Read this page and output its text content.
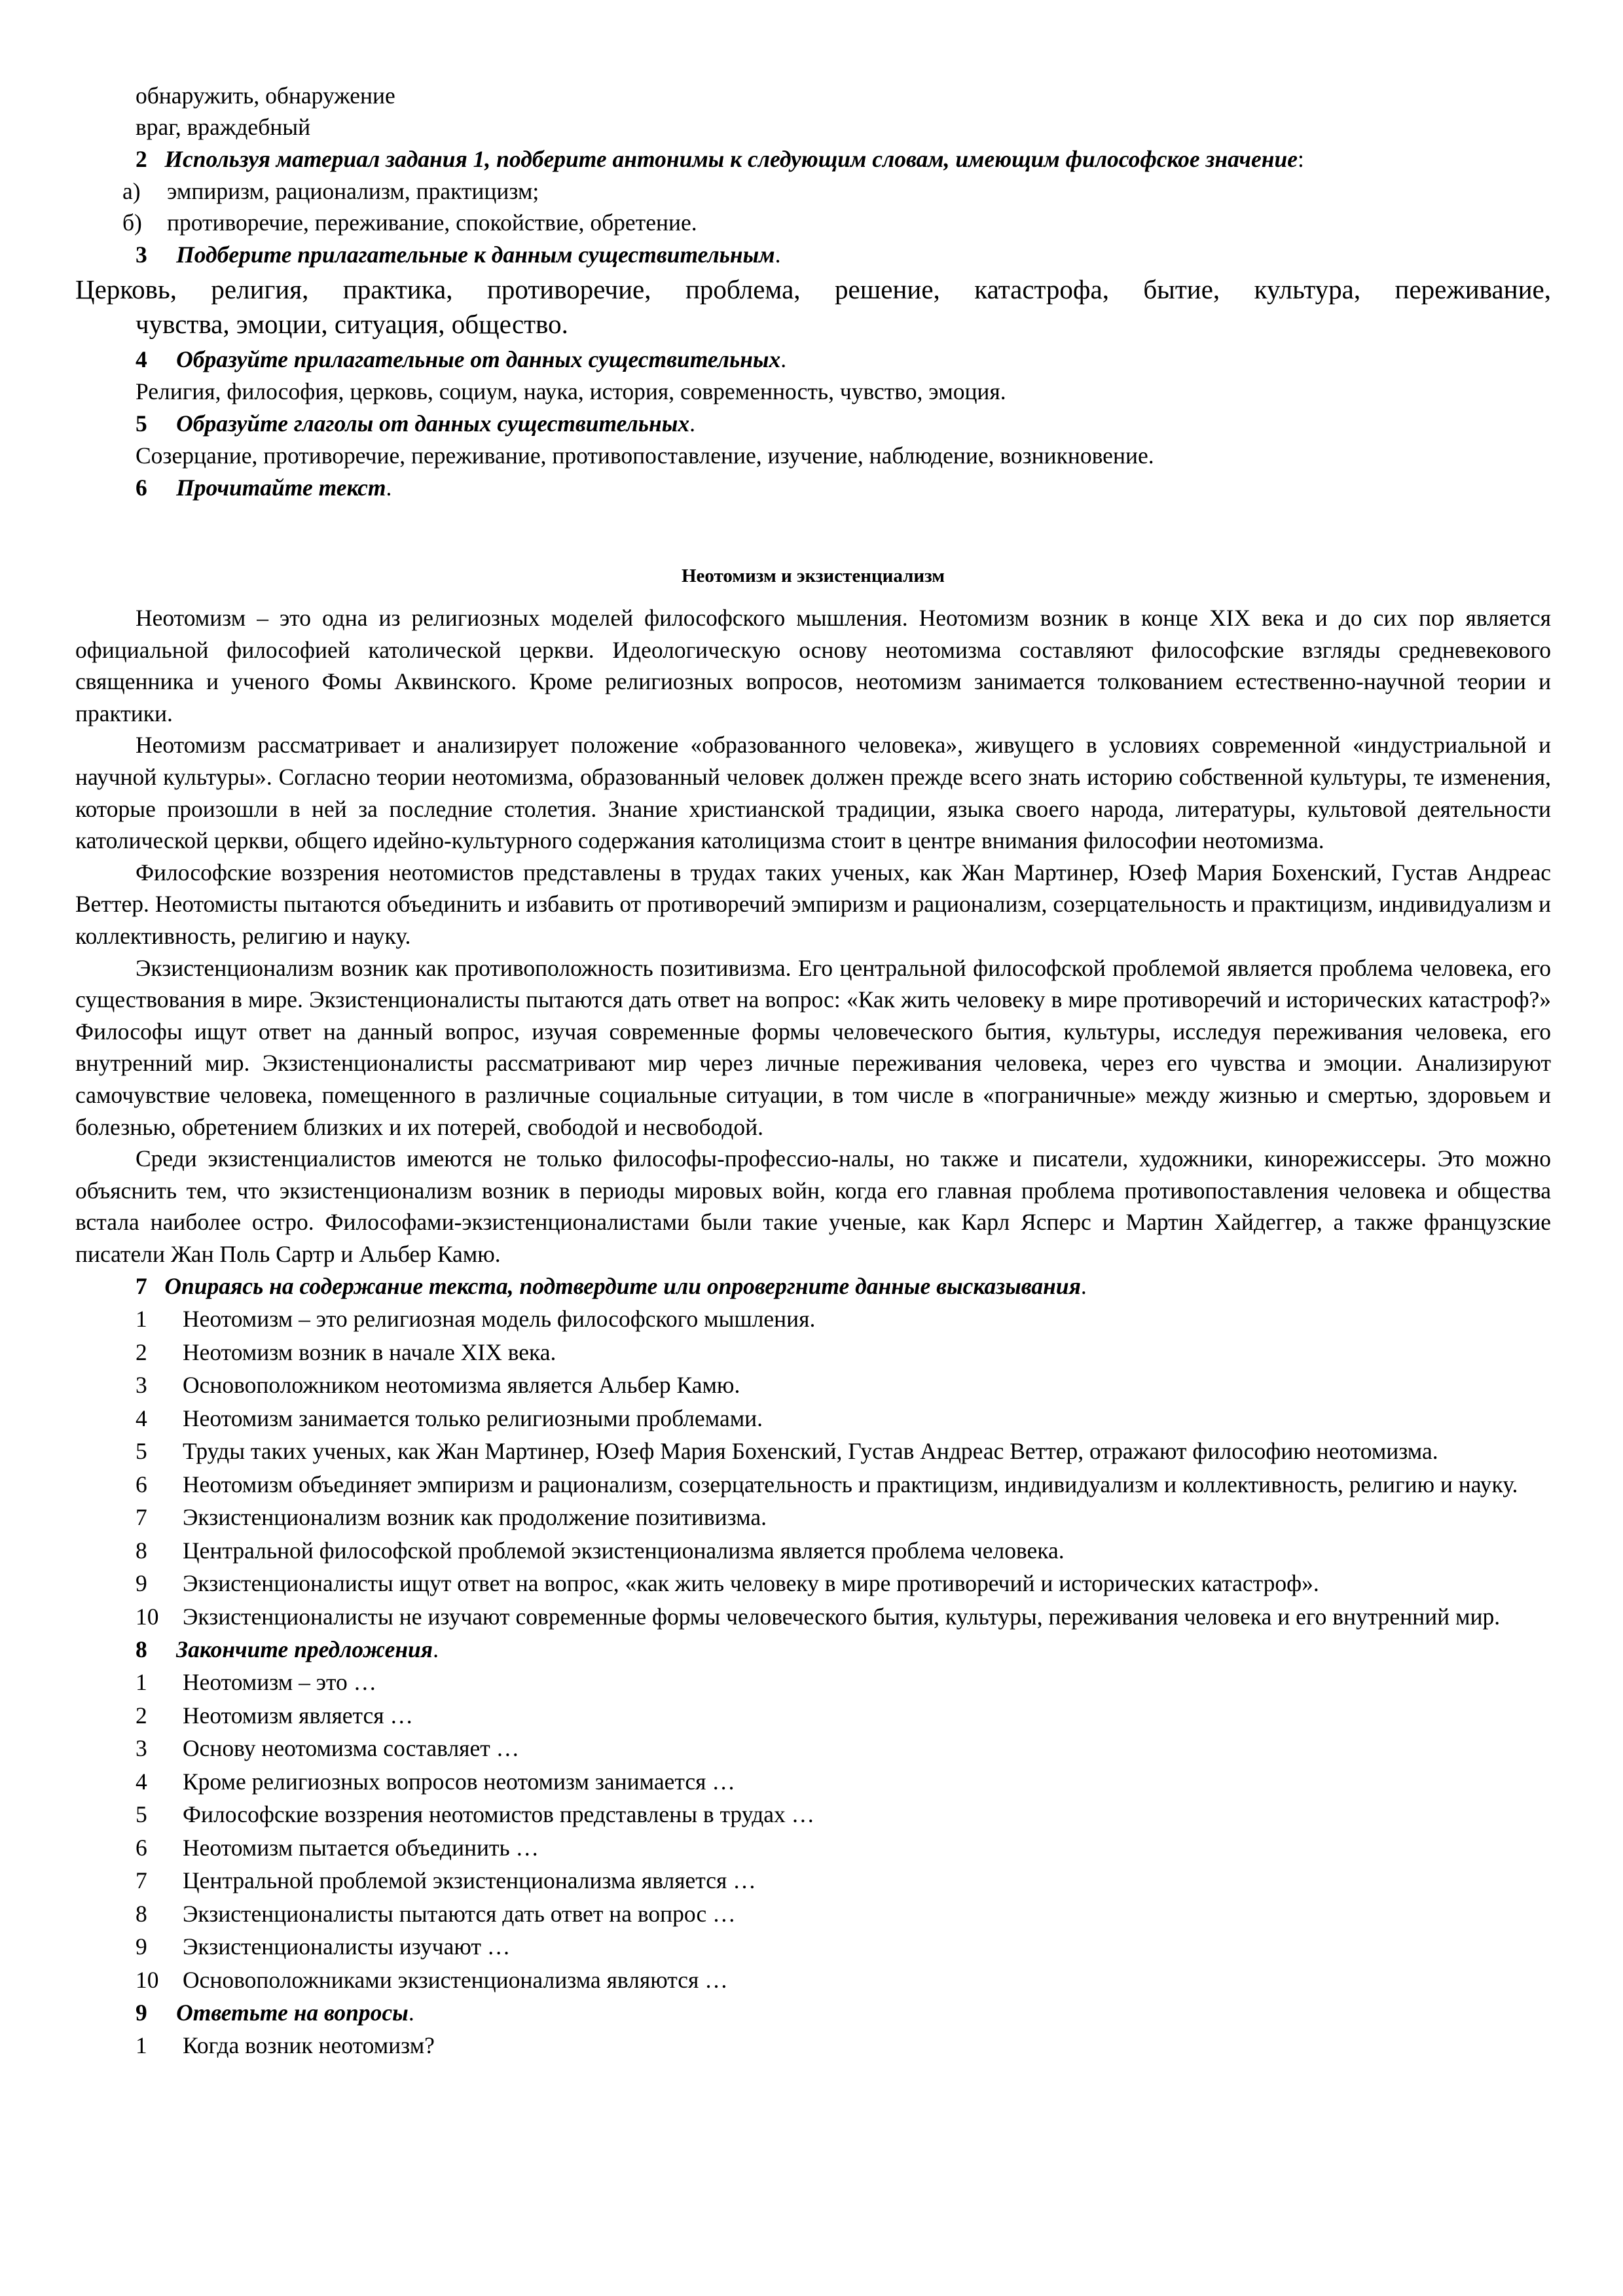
обнаружить, обнаружение

враг, враждебный

2 Используя материал задания 1, подберите антонимы к следующим словам, имеющим философское значение:

а) эмпиризм, рационализм, практицизм;

б) противоречие, переживание, спокойствие, обретение.

3 Подберите прилагательные к данным существительным.

Церковь, религия, практика, противоречие, проблема, решение, катастрофа, бытие, культура, переживание,
чувства, эмоции, ситуация, общество.

4 Образуйте прилагательные от данных существительных.

Религия, философия, церковь, социум, наука, история, современность, чувство, эмоция.

5 Образуйте глаголы от данных существительных.

Созерцание, противоречие, переживание, противопоставление, изучение, наблюдение, возникновение.

6 Прочитайте текст.

Неотомизм и экзистенциализм

Неотомизм – это одна из религиозных моделей философского мышления. Неотомизм возник в конце XIX века и до сих пор является официальной философией католической церкви. Идеологическую основу неотомизма составляют философские взгляды средневекового священника и ученого Фомы Аквинского. Кроме религиозных вопросов, неотомизм занимается толкованием естественно-научной теории и практики.

Неотомизм рассматривает и анализирует положение «образованного человека», живущего в условиях современной «индустриальной и научной культуры». Согласно теории неотомизма, образованный человек должен прежде всего знать историю собственной культуры, те изменения, которые произошли в ней за последние столетия. Знание христианской традиции, языка своего народа, литературы, культовой деятельности католической церкви, общего идейно-культурного содержания католицизма стоит в центре внимания философии неотомизма.

Философские воззрения неотомистов представлены в трудах таких ученых, как Жан Мартинер, Юзеф Мария Бохенский, Густав Андреас Веттер. Неотомисты пытаются объединить и избавить от противоречий эмпиризм и рационализм, созерцательность и практицизм, индивидуализм и коллективность, религию и науку.

Экзистенционализм возник как противоположность позитивизма. Его центральной философской проблемой является проблема человека, его существования в мире. Экзистенционалисты пытаются дать ответ на вопрос: «Как жить человеку в мире противоречий и исторических катастроф?» Философы ищут ответ на данный вопрос, изучая современные формы человеческого бытия, культуры, исследуя переживания человека, его внутренний мир. Экзистенционалисты рассматривают мир через личные переживания человека, через его чувства и эмоции. Анализируют самочувствие человека, помещенного в различные социальные ситуации, в том числе в «пограничные» между жизнью и смертью, здоровьем и болезнью, обретением близких и их потерей, свободой и несвободой.

Среди экзистенциалистов имеются не только философы-профессио-налы, но также и писатели, художники, кинорежиссеры. Это можно объяснить тем, что экзистенционализм возник в периоды мировых войн, когда его главная проблема противопоставления человека и общества встала наиболее остро. Философами-экзистенционалистами были такие ученые, как Карл Ясперс и Мартин Хайдеггер, а также французские писатели Жан Поль Сартр и Альбер Камю.

7 Опираясь на содержание текста, подтвердите или опровергните данные высказывания.

1 Неотомизм – это религиозная модель философского мышления.

2 Неотомизм возник в начале XIX века.

3 Основоположником неотомизма является Альбер Камю.

4 Неотомизм занимается только религиозными проблемами.

5 Труды таких ученых, как Жан Мартинер, Юзеф Мария Бохенский, Густав Андреас Веттер, отражают философию неотомизма.

6 Неотомизм объединяет эмпиризм и рационализм, созерцательность и практицизм, индивидуализм и коллективность, религию и науку.

7 Экзистенционализм возник как продолжение позитивизма.

8 Центральной философской проблемой экзистенционализма является проблема человека.

9 Экзистенционалисты ищут ответ на вопрос, «как жить человеку в мире противоречий и исторических катастроф».

10 Экзистенционалисты не изучают современные формы человеческого бытия, культуры, переживания человека и его внутренний мир.

8 Закончите предложения.

1 Неотомизм – это …

2 Неотомизм является …

3 Основу неотомизма составляет …

4 Кроме религиозных вопросов неотомизм занимается …

5 Философские воззрения неотомистов представлены в трудах …

6 Неотомизм пытается объединить …

7 Центральной проблемой экзистенционализма является …

8 Экзистенционалисты пытаются дать ответ на вопрос …

9 Экзистенционалисты изучают …

10 Основоположниками экзистенционализма являются …

9 Ответьте на вопросы.

1 Когда возник неотомизм?
